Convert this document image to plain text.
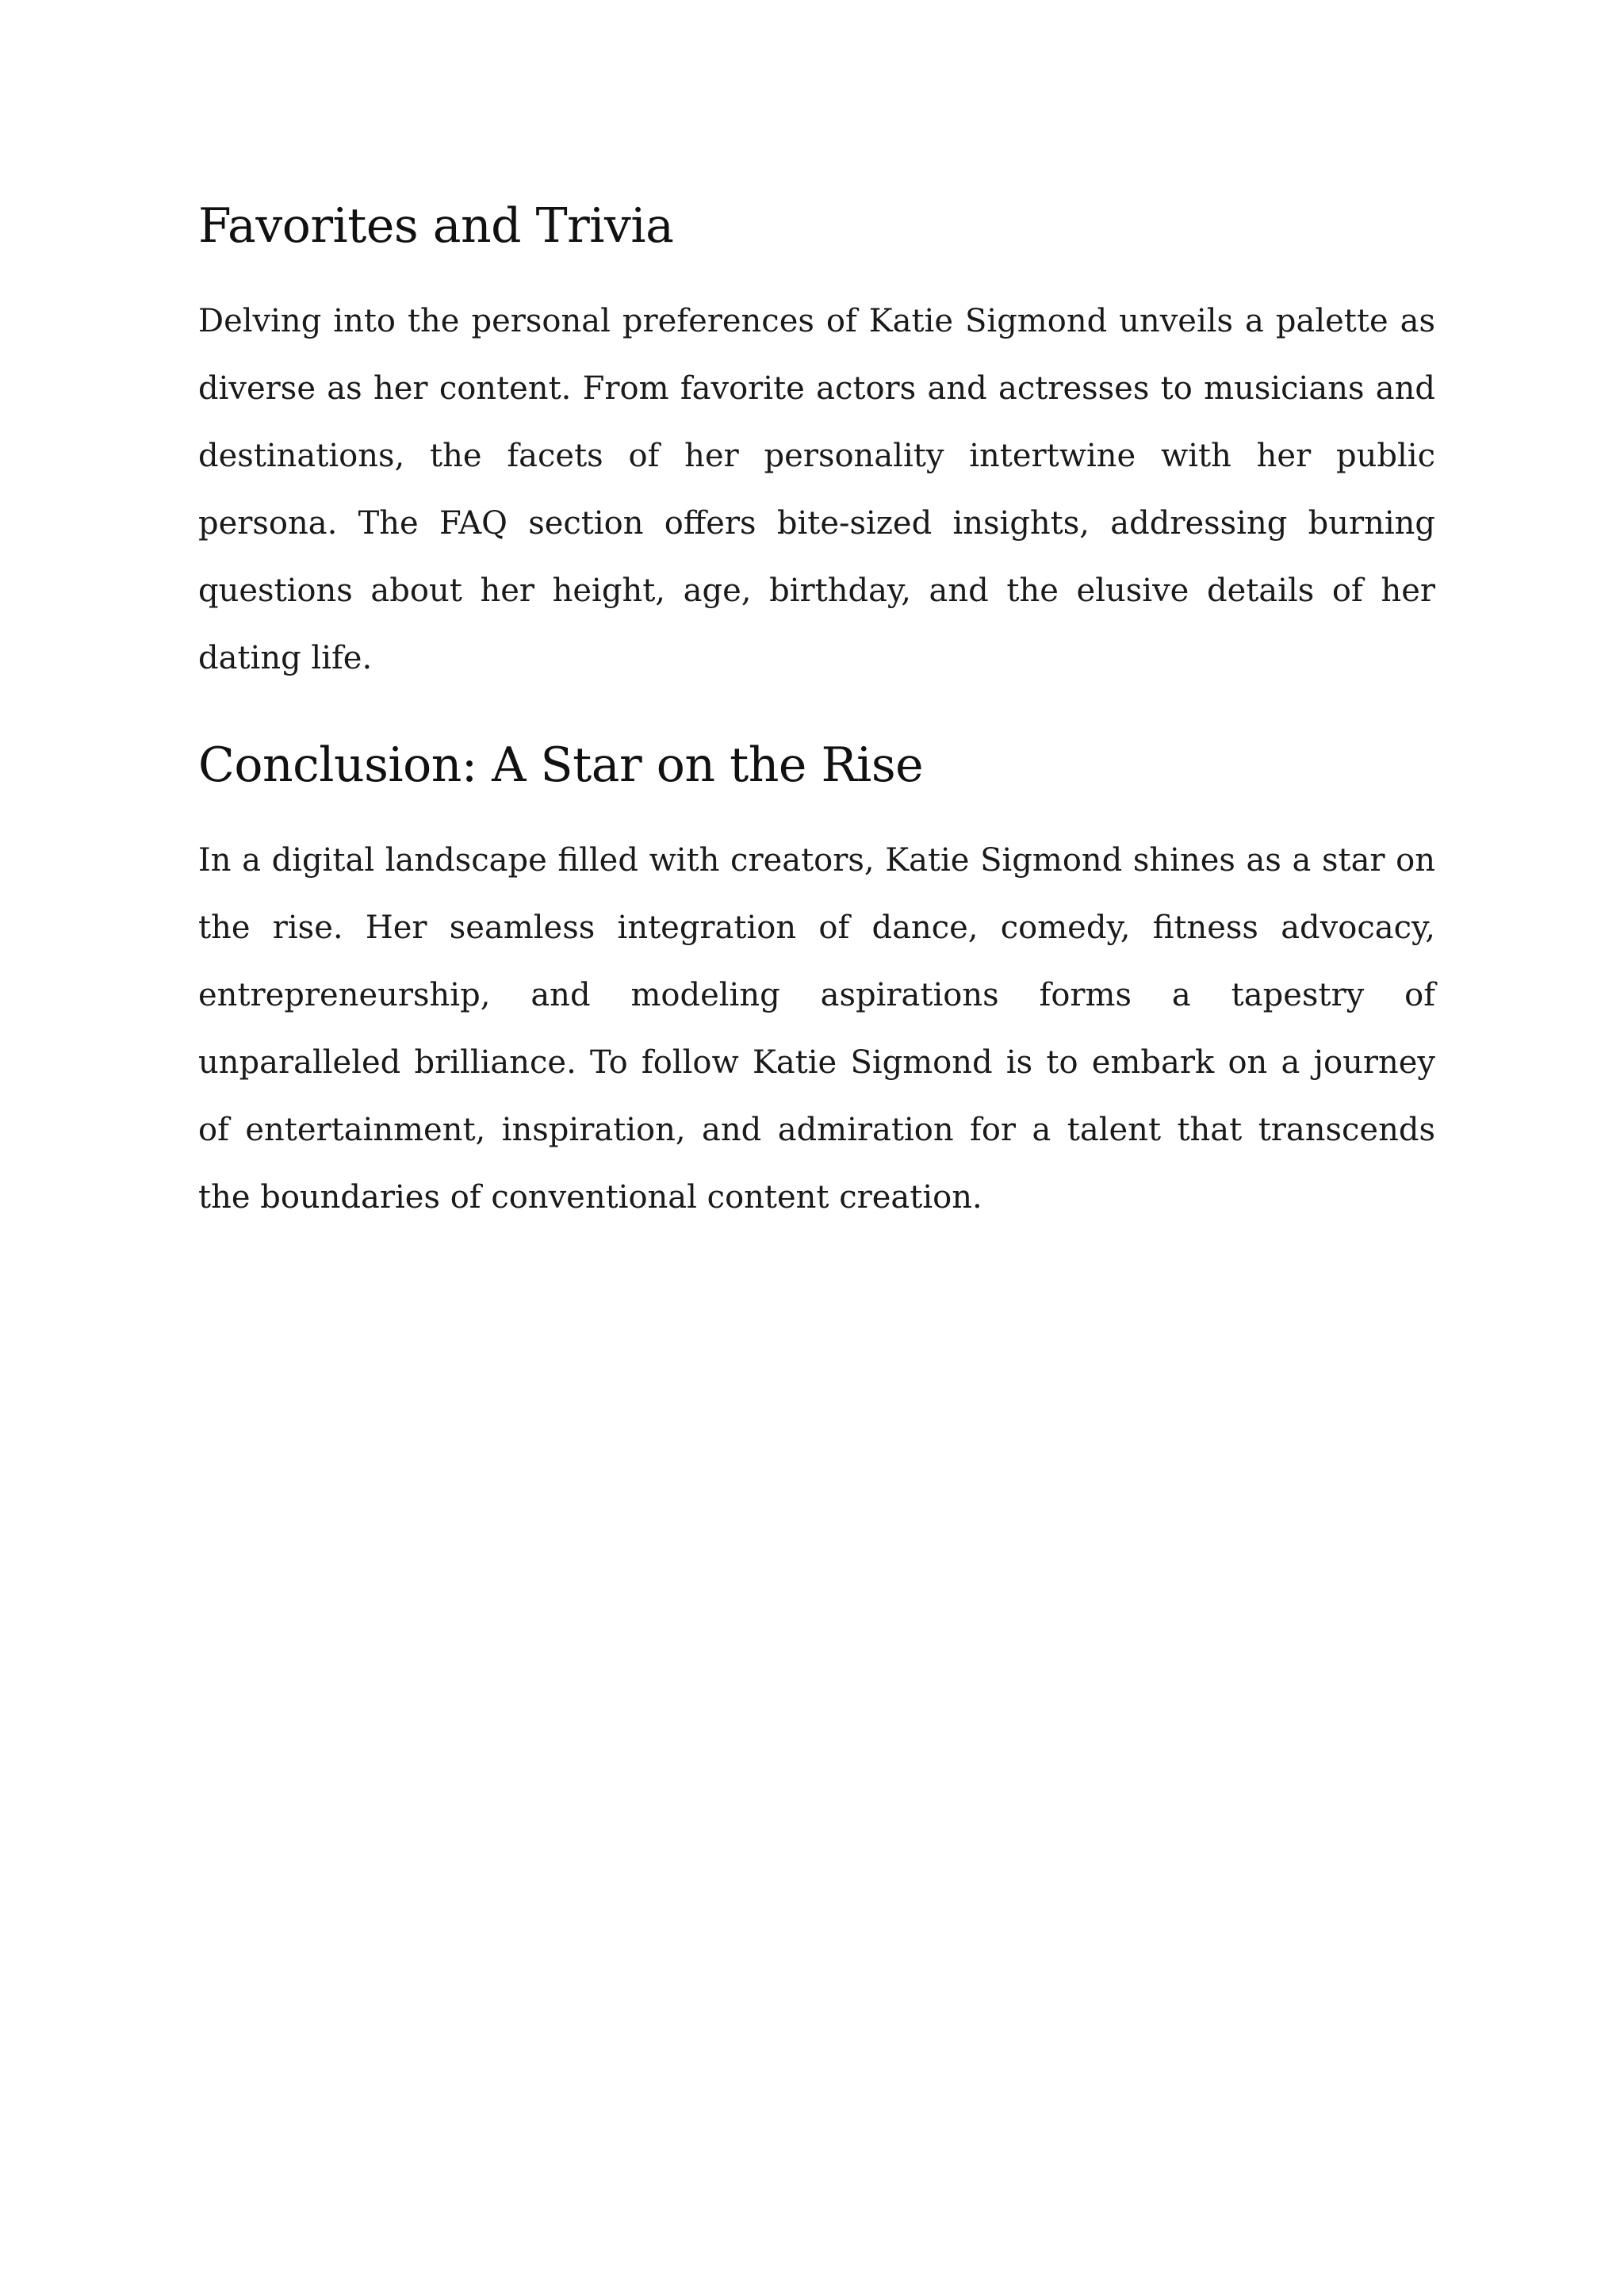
Favorites and Trivia

Delving into the personal preferences of Katie Sigmond unveils a palette as diverse as her content. From favorite actors and actresses to musicians and destinations, the facets of her personality intertwine with her public persona. The FAQ section offers bite-sized insights, addressing burning questions about her height, age, birthday, and the elusive details of her dating life.

Conclusion: A Star on the Rise

In a digital landscape filled with creators, Katie Sigmond shines as a star on the rise. Her seamless integration of dance, comedy, fitness advocacy, entrepreneurship, and modeling aspirations forms a tapestry of unparalleled brilliance. To follow Katie Sigmond is to embark on a journey of entertainment, inspiration, and admiration for a talent that transcends the boundaries of conventional content creation.
